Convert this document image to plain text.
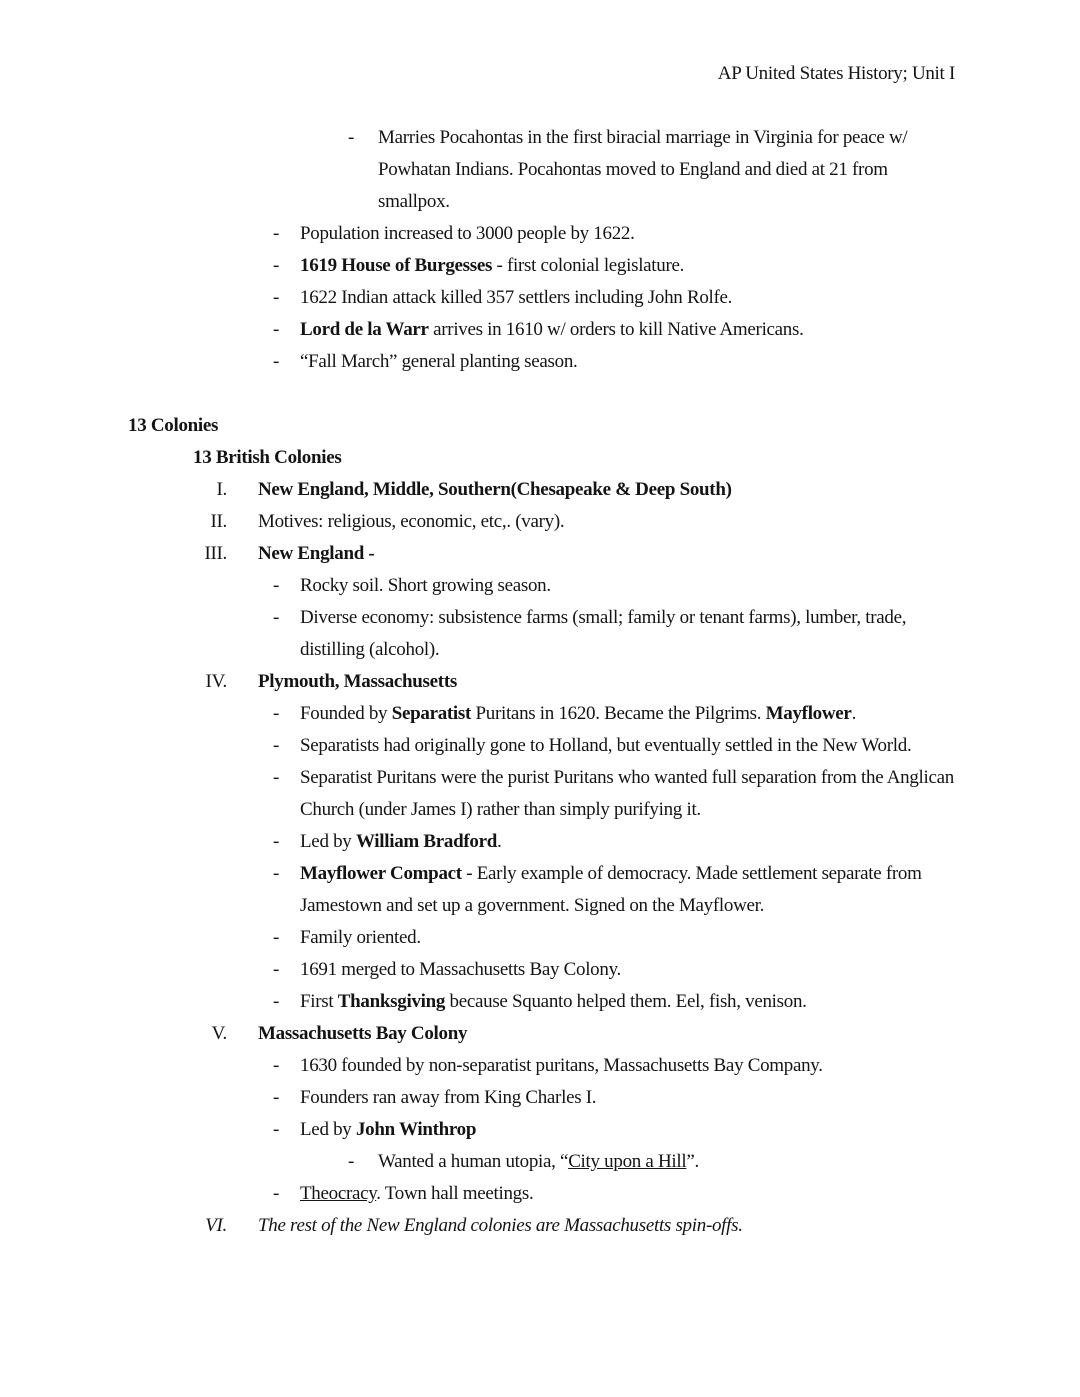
AP United States History; Unit I
-	Marries Pocahontas in the first biracial marriage in Virginia for peace w/ Powhatan Indians. Pocahontas moved to England and died at 21 from smallpox.
-	Population increased to 3000 people by 1622.
-	1619 House of Burgesses - first colonial legislature.
-	1622 Indian attack killed 357 settlers including John Rolfe.
-	Lord de la Warr arrives in 1610 w/ orders to kill Native Americans.
-	“Fall March” general planting season.
13 Colonies
13 British Colonies
I.	New England, Middle, Southern(Chesapeake & Deep South)
II.	Motives: religious, economic, etc,. (vary).
III.	New England -
-	Rocky soil. Short growing season.
-	Diverse economy: subsistence farms (small; family or tenant farms), lumber, trade, distilling (alcohol).
IV.	Plymouth, Massachusetts
-	Founded by Separatist Puritans in 1620. Became the Pilgrims. Mayflower.
-	Separatists had originally gone to Holland, but eventually settled in the New World.
-	Separatist Puritans were the purist Puritans who wanted full separation from the Anglican Church (under James I) rather than simply purifying it.
-	Led by William Bradford.
-	Mayflower Compact - Early example of democracy. Made settlement separate from Jamestown and set up a government. Signed on the Mayflower.
-	Family oriented.
-	1691 merged to Massachusetts Bay Colony.
-	First Thanksgiving because Squanto helped them. Eel, fish, venison.
V.	Massachusetts Bay Colony
-	1630 founded by non-separatist puritans, Massachusetts Bay Company.
-	Founders ran away from King Charles I.
-	Led by John Winthrop
-	Wanted a human utopia, “City upon a Hill”.
-	Theocracy. Town hall meetings.
VI.	The rest of the New England colonies are Massachusetts spin-offs.
